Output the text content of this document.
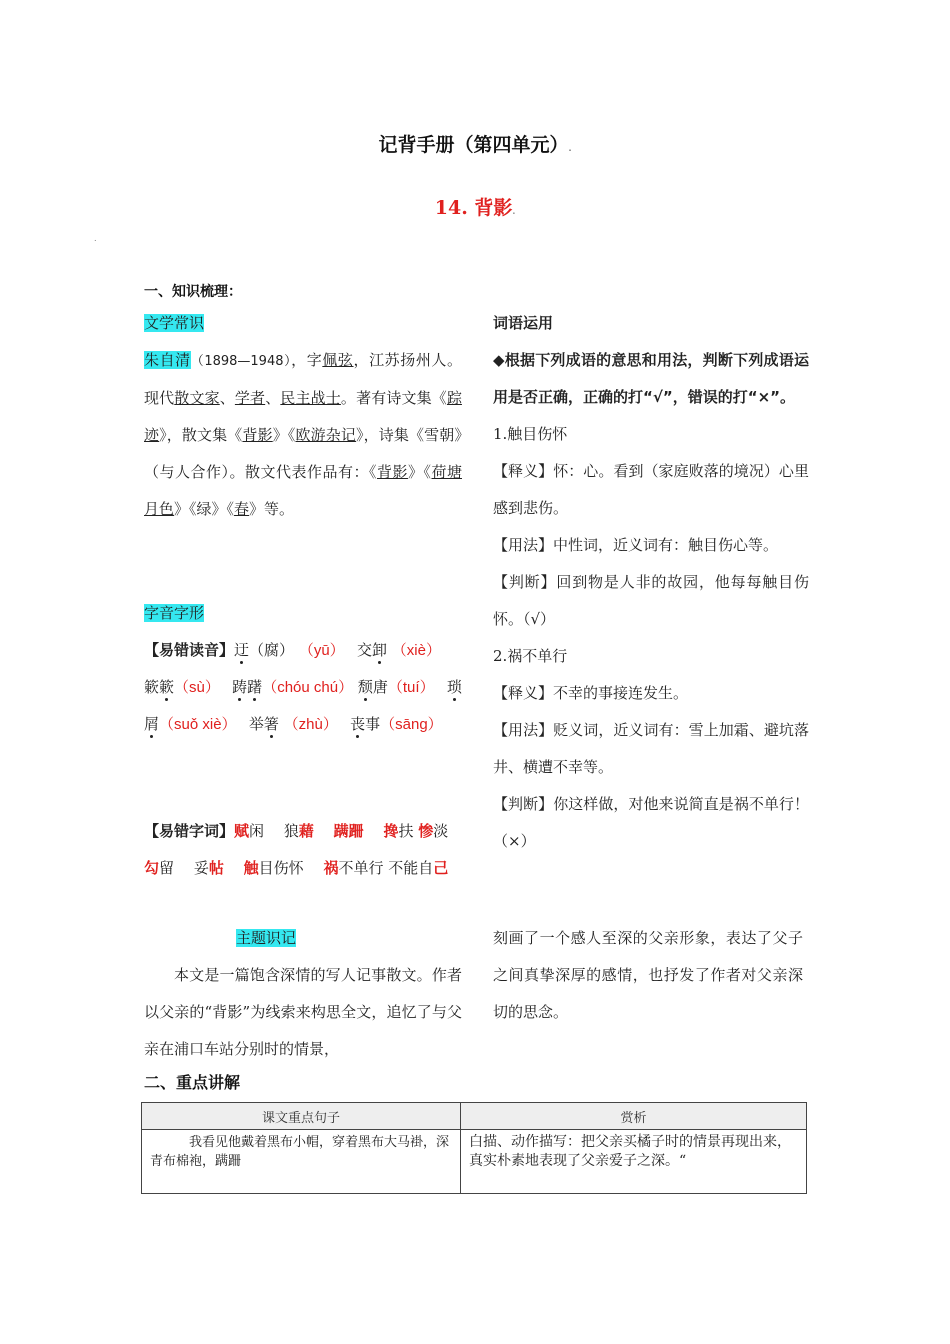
记背手册（第四单元）.
14. 背影.
.
一、知识梳理：
文学常识
朱自清（1898—1948），字佩弦，江苏扬州人。现代散文家、学者、民主战士。著有诗文集《踪迹》，散文集《背影》《欧游杂记》，诗集《雪朝》（与人合作）。散文代表作品有：《背影》《荷塘月色》《绿》《春》等。
字音字形
【易错读音】迂（腐） （yū）　 交卸 （xiè）　 簌簌（sù）　 踌躇（chóu chú） 颓唐（tuí）　 琐屑（suǒ xiè）　 举箸 （zhù）　 丧事（sāng）
【易错字词】赋闲　 狼藉　 蹒跚　 搀扶 惨淡　 勾留　 妥帖　 触目伤怀　 祸不单行 不能自己
主题识记
本文是一篇饱含深情的写人记事散文。作者以父亲的“背影”为线索来构思全文，追忆了与父亲在浦口车站分别时的情景，
词语运用
◆根据下列成语的意思和用法，判断下列成语运用是否正确，正确的打“√”，错误的打“×”。
1.触目伤怀
【释义】怀：心。看到（家庭败落的境况）心里感到悲伤。
【用法】中性词，近义词有：触目伤心等。
【判断】回到物是人非的故园，他每每触目伤怀。（√）
2.祸不单行
【释义】不幸的事接连发生。
【用法】贬义词，近义词有：雪上加霜、避坑落井、横遭不幸等。
【判断】你这样做，对他来说简直是祸不单行！　（×）
刻画了一个感人至深的父亲形象，表达了父子之间真挚深厚的感情，也抒发了作者对父亲深切的思念。
二、重点讲解
课文重点句子	赏析
我看见他戴着黑布小帽，穿着黑布大马褂，深青布棉袍，蹒跚	白描、动作描写：把父亲买橘子时的情景再现出来，真实朴素地表现了父亲爱子之深。“
